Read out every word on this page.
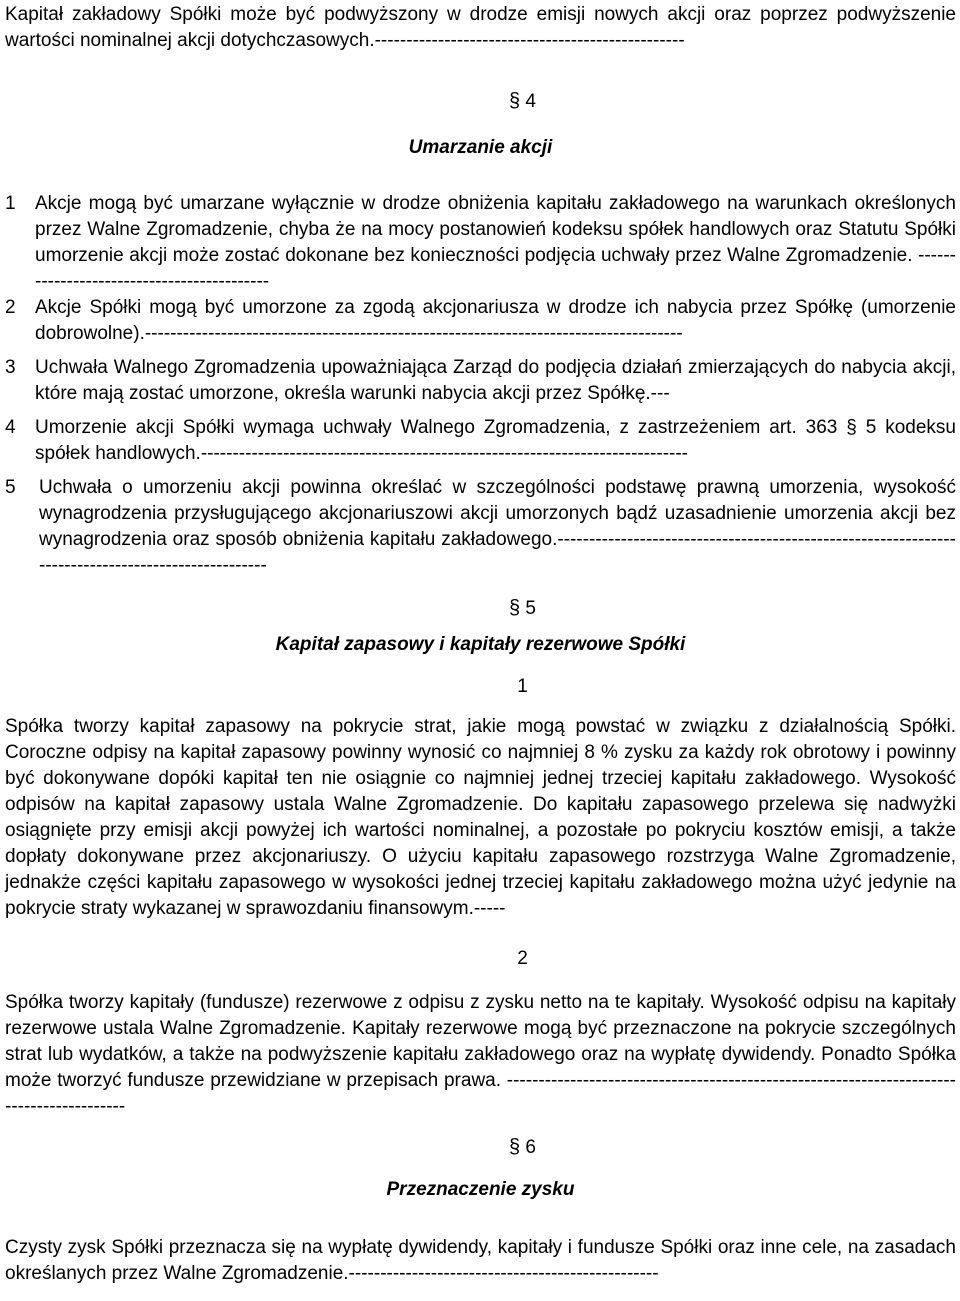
Kapitał zakładowy Spółki może być podwyższony w drodze emisji nowych akcji oraz poprzez podwyższenie wartości nominalnej akcji dotychczasowych.-------------------------------------------------

§ 4
Umarzanie akcji
1	Akcje mogą być umarzane wyłącznie w drodze obniżenia kapitału zakładowego na warunkach określonych przez Walne Zgromadzenie, chyba że na mocy postanowień kodeksu spółek handlowych oraz Statutu Spółki umorzenie akcji może zostać dokonane bez konieczności podjęcia uchwały przez Walne Zgromadzenie. -------------------------------------------
2	Akcje Spółki mogą być umorzone za zgodą akcjonariusza w drodze ich nabycia przez Spółkę (umorzenie dobrowolne).-------------------------------------------------------------------------------------
3	Uchwała Walnego Zgromadzenia upoważniająca Zarząd do podjęcia działań zmierzających do nabycia akcji, które mają zostać umorzone, określa warunki nabycia akcji przez Spółkę.---
4	Umorzenie akcji Spółki wymaga uchwały Walnego Zgromadzenia, z zastrzeżeniem art. 363 § 5 kodeksu spółek handlowych.-----------------------------------------------------------------------------
5	Uchwała o umorzeniu akcji powinna określać w szczególności podstawę prawną umorzenia, wysokość wynagrodzenia przysługującego akcjonariuszowi akcji umorzonych bądź uzasadnienie umorzenia akcji bez wynagrodzenia oraz sposób obniżenia kapitału zakładowego.---------------------------------------------------------------------------------------------------
§ 5
Kapitał zapasowy i kapitały rezerwowe Spółki
1

Spółka tworzy kapitał zapasowy na pokrycie strat, jakie mogą powstać w związku z działalnością Spółki. Coroczne odpisy na kapitał zapasowy powinny wynosić co najmniej 8 % zysku za każdy rok obrotowy i powinny być dokonywane dopóki kapitał ten nie osiągnie co najmniej jednej trzeciej kapitału zakładowego. Wysokość odpisów na kapitał zapasowy ustala Walne Zgromadzenie. Do kapitału zapasowego przelewa się nadwyżki osiągnięte przy emisji akcji powyżej ich wartości nominalnej, a pozostałe po pokryciu kosztów emisji, a także dopłaty dokonywane przez akcjonariuszy. O użyciu kapitału zapasowego rozstrzyga Walne Zgromadzenie, jednakże części kapitału zapasowego w wysokości jednej trzeciej kapitału zakładowego można użyć jedynie na pokrycie straty wykazanej w sprawozdaniu finansowym.-----

2

Spółka tworzy kapitały (fundusze) rezerwowe z odpisu z zysku netto na te kapitały. Wysokość odpisu na kapitały rezerwowe ustala Walne Zgromadzenie. Kapitały rezerwowe mogą być przeznaczone na pokrycie szczególnych strat lub wydatków, a także na podwyższenie kapitału zakładowego oraz na wypłatę dywidendy. Ponadto Spółka może tworzyć fundusze przewidziane w przepisach prawa. ------------------------------------------------------------------------------------------

§ 6
Przeznaczenie zysku

Czysty zysk Spółki przeznacza się na wypłatę dywidendy, kapitały i fundusze Spółki oraz inne cele, na zasadach określanych przez Walne Zgromadzenie.-------------------------------------------------
